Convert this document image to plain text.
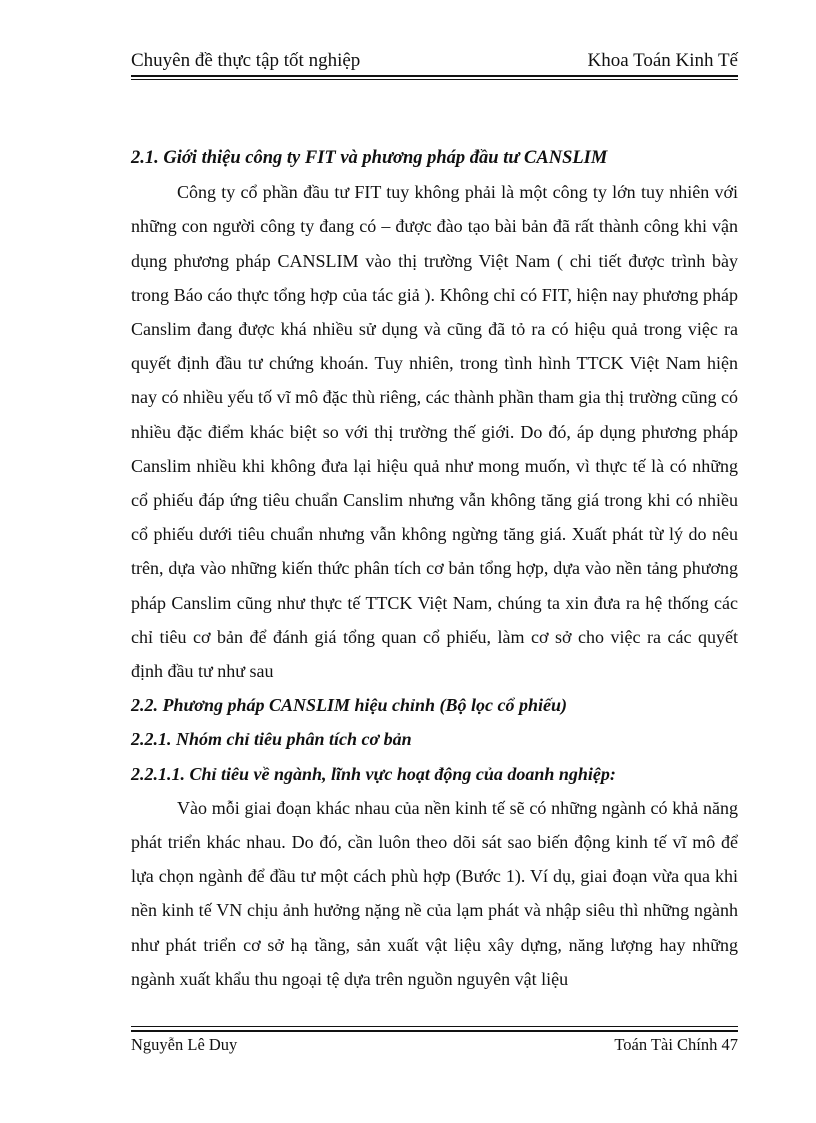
Chuyên đề thực tập tốt nghiệp	Khoa Toán Kinh Tế

2.1. Giới thiệu công ty FIT và phương pháp đầu tư CANSLIM

Công ty cổ phần đầu tư FIT tuy không phải là một công ty lớn tuy nhiên với những con người công ty đang có – được đào tạo bài bản đã rất thành công khi vận dụng phương pháp CANSLIM vào thị trường Việt Nam ( chi tiết được trình bày trong Báo cáo thực tổng hợp của tác giả ). Không chỉ có FIT, hiện nay phương pháp Canslim đang được khá nhiều sử dụng và cũng đã tỏ ra có hiệu quả trong việc ra quyết định đầu tư chứng khoán. Tuy nhiên, trong tình hình TTCK Việt Nam hiện nay có nhiều yếu tố vĩ mô đặc thù riêng, các thành phần tham gia thị trường cũng có nhiều đặc điểm khác biệt so với thị trường thế giới. Do đó, áp dụng phương pháp Canslim nhiều khi không đưa lại hiệu quả như mong muốn, vì thực tế là có những cổ phiếu đáp ứng tiêu chuẩn Canslim nhưng vẫn không tăng giá trong khi có nhiều cổ phiếu dưới tiêu chuẩn nhưng vẫn không ngừng tăng giá. Xuất phát từ lý do nêu trên, dựa vào những kiến thức phân tích cơ bản tổng hợp, dựa vào nền tảng phương pháp Canslim cũng như thực tế TTCK Việt Nam, chúng ta xin đưa ra hệ thống các chỉ tiêu cơ bản để đánh giá tổng quan cổ phiếu, làm cơ sở cho việc ra các quyết định đầu tư như sau

2.2. Phương pháp CANSLIM hiệu chỉnh (Bộ lọc cổ phiếu)

2.2.1. Nhóm chỉ tiêu phân tích cơ bản

2.2.1.1. Chỉ tiêu về ngành, lĩnh vực hoạt động của doanh nghiệp:

Vào mỗi giai đoạn khác nhau của nền kinh tế sẽ có những ngành có khả năng phát triển khác nhau. Do đó, cần luôn theo dõi sát sao biến động kinh tế vĩ mô để lựa chọn ngành để đầu tư một cách phù hợp (Bước 1). Ví dụ, giai đoạn vừa qua khi nền kinh tế VN chịu ảnh hưởng nặng nề của lạm phát và nhập siêu thì những ngành như phát triển cơ sở hạ tầng, sản xuất vật liệu xây dựng, năng lượng hay những ngành xuất khẩu thu ngoại tệ dựa trên nguồn nguyên vật liệu

Nguyễn Lê Duy	Toán Tài Chính 47
